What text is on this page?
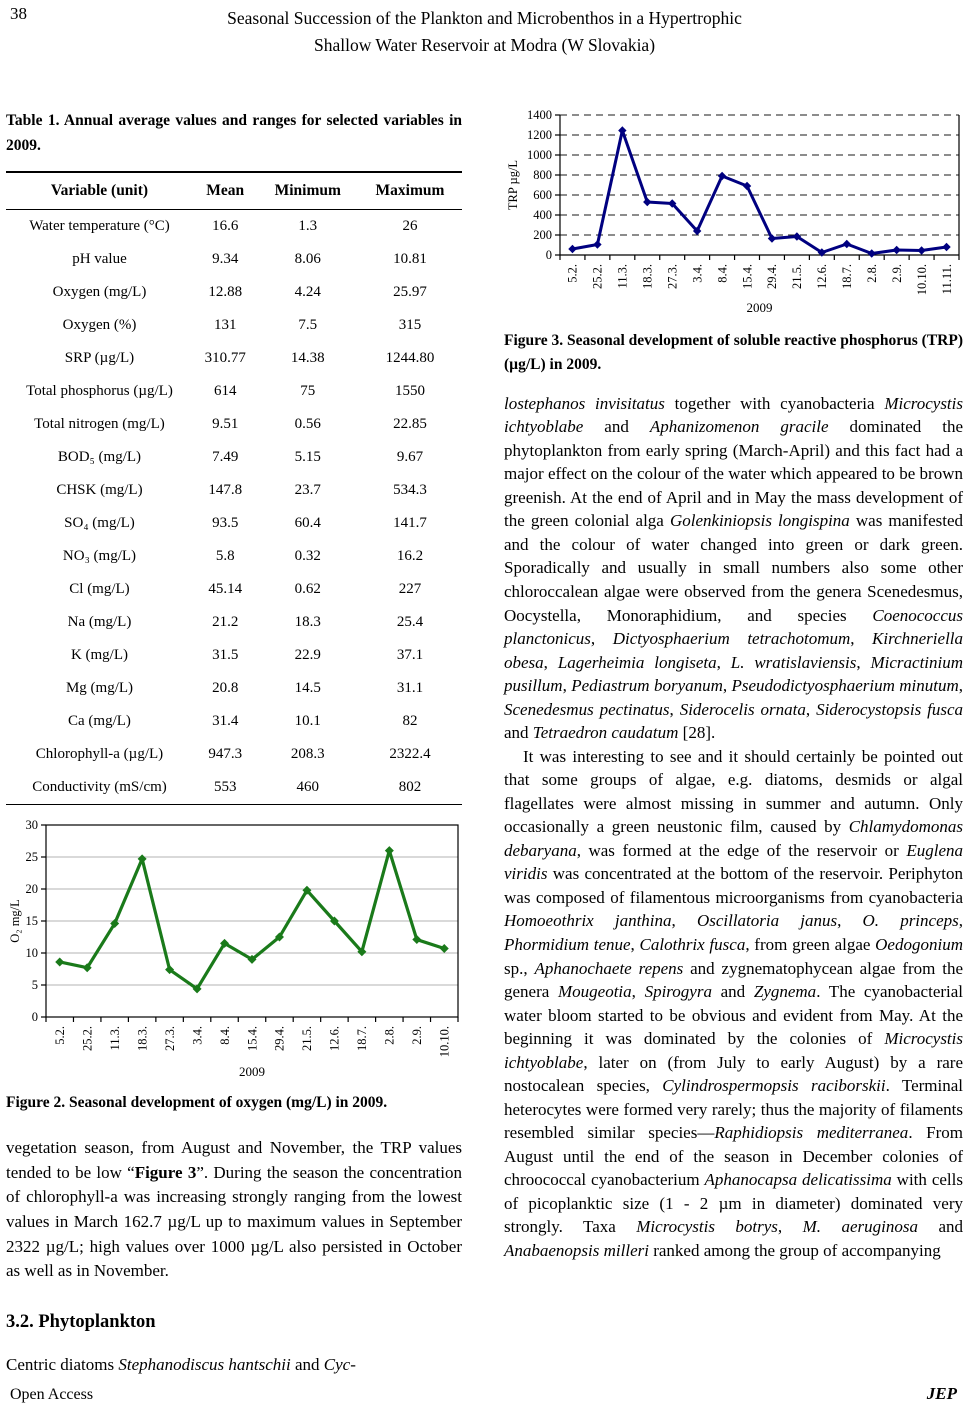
38	Seasonal Succession of the Plankton and Microbenthos in a Hypertrophic
Shallow Water Reservoir at Modra (W Slovakia)
Table 1. Annual average values and ranges for selected variables in 2009.
Variable (unit)	Mean	Minimum	Maximum
Water temperature (°C)	16.6	1.3	26
pH value	9.34	8.06	10.81
Oxygen (mg/L)	12.88	4.24	25.97
Oxygen (%)	131	7.5	315
SRP (µg/L)	310.77	14.38	1244.80
Total phosphorus (µg/L)	614	75	1550
Total nitrogen (mg/L)	9.51	0.56	22.85
BOD₅ (mg/L)	7.49	5.15	9.67
CHSK (mg/L)	147.8	23.7	534.3
SO₄ (mg/L)	93.5	60.4	141.7
NO₃ (mg/L)	5.8	0.32	16.2
Cl (mg/L)	45.14	0.62	227
Na (mg/L)	21.2	18.3	25.4
K (mg/L)	31.5	22.9	37.1
Mg (mg/L)	20.8	14.5	31.1
Ca (mg/L)	31.4	10.1	82
Chlorophyll-a (µg/L)	947.3	208.3	2322.4
Conductivity (mS/cm)	553	460	802
0
5
10
15
20
25
30
5.2. 25.2. 11.3. 18.3. 27.3. 3.4. 8.4. 15.4. 29.4. 21.5. 12.6. 18.7. 2.8. 2.9. 10.10.
O₂ mg/L
2009
Figure 2. Seasonal development of oxygen (mg/L) in 2009.
vegetation season, from August and November, the TRP values tended to be low “Figure 3”. During the season the concentration of chlorophyll-a was increasing strongly ranging from the lowest values in March 162.7 µg/L up to maximum values in September 2322 µg/L; high values over 1000 µg/L also persisted in October as well as in November.
3.2. Phytoplankton
Centric diatoms Stephanodiscus hantschii and Cyc-
0
200
400
600
800
1000
1200
1400
5.2. 25.2. 11.3. 18.3. 27.3. 3.4. 8.4. 15.4. 29.4. 21.5. 12.6. 18.7. 2.8. 2.9. 10.10. 11.11.
TRP µg/L
2009
Figure 3. Seasonal development of soluble reactive phosphorus (TRP) (µg/L) in 2009.
lostephanos invisitatus together with cyanobacteria Microcystis ichtyoblabe and Aphanizomenon gracile dominated the phytoplankton from early spring (March-April) and this fact had a major effect on the colour of the water which appeared to be brown greenish. At the end of April and in May the mass development of the green colonial alga Golenkiniopsis longispina was manifested and the colour of water changed into green or dark green. Sporadically and usually in small numbers also some other chloroccalean algae were observed from the genera Scenedesmus, Oocystella, Monoraphidium, and species Coenococcus planctonicus, Dictyosphaerium tetrachotomum, Kirchneriella obesa, Lagerheimia longiseta, L. wratislaviensis, Micractinium pusillum, Pediastrum boryanum, Pseudodictyosphaerium minutum, Scenedesmus pectinatus, Siderocelis ornata, Siderocystopsis fusca and Tetraedron caudatum [28].
It was interesting to see and it should certainly be pointed out that some groups of algae, e.g. diatoms, desmids or algal flagellates were almost missing in summer and autumn. Only occasionally a green neustonic film, caused by Chlamydomonas debaryana, was formed at the edge of the reservoir or Euglena viridis was concentrated at the bottom of the reservoir. Periphyton was composed of filamentous microorganisms from cyanobacteria Homoeothrix janthina, Oscillatoria janus, O. princeps, Phormidium tenue, Calothrix fusca, from green algae Oedogonium sp., Aphanochaete repens and zygnematophycean algae from the genera Mougeotia, Spirogyra and Zygnema. The cyanobacterial water bloom started to be obvious and evident from May. At the beginning it was dominated by the colonies of Microcystis ichtyoblabe, later on (from July to early August) by a rare nostocalean species, Cylindrospermopsis raciborskii. Terminal heterocytes were formed very rarely; thus the majority of filaments resembled similar species—Raphidiopsis mediterranea. From August until the end of the season in December colonies of chroococcal cyanobacterium Aphanocapsa delicatissima with cells of picoplanktic size (1 - 2 µm in diameter) dominated very strongly. Taxa Microcystis botrys, M. aeruginosa and Anabaenopsis milleri ranked among the group of accompanying
Open Access	JEP
